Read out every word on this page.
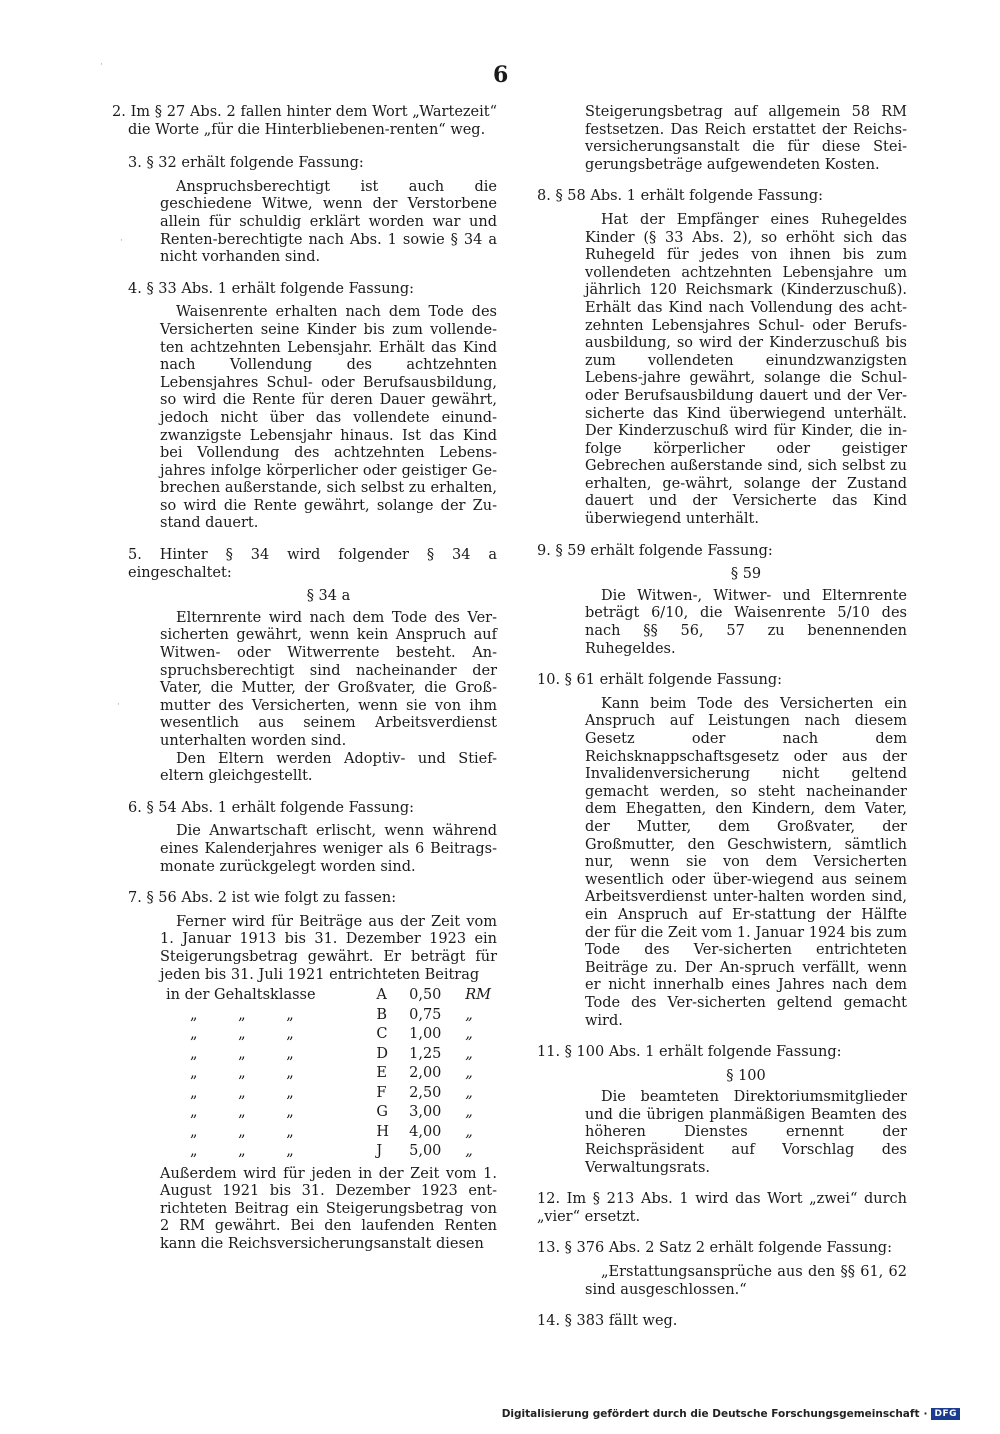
6

2. Im § 27 Abs. 2 fallen hinter dem Wort „Wartezeit“ die Worte „für die Hinterbliebenen-renten“ weg.

3. § 32 erhält folgende Fassung:

Anspruchsberechtigt ist auch die geschiedene Witwe, wenn der Verstorbene allein für schuldig erklärt worden war und Renten-berechtigte nach Abs. 1 sowie § 34 a nicht vorhanden sind.

4. § 33 Abs. 1 erhält folgende Fassung:

Waisenrente erhalten nach dem Tode des Versicherten seine Kinder bis zum vollende-ten achtzehnten Lebensjahr. Erhält das Kind nach Vollendung des achtzehnten Lebensjahres Schul- oder Berufsausbildung, so wird die Rente für deren Dauer gewährt, jedoch nicht über das vollendete einund-zwanzigste Lebensjahr hinaus. Ist das Kind bei Vollendung des achtzehnten Lebens-jahres infolge körperlicher oder geistiger Ge-brechen außerstande, sich selbst zu erhalten, so wird die Rente gewährt, solange der Zu-stand dauert.

5. Hinter § 34 wird folgender § 34 a eingeschaltet:

§ 34 a

Elternrente wird nach dem Tode des Ver-sicherten gewährt, wenn kein Anspruch auf Witwen- oder Witwerrente besteht. An-spruchsberechtigt sind nacheinander der Vater, die Mutter, der Großvater, die Groß-mutter des Versicherten, wenn sie von ihm wesentlich aus seinem Arbeitsverdienst unterhalten worden sind.

Den Eltern werden Adoptiv- und Stief-eltern gleichgestellt.

6. § 54 Abs. 1 erhält folgende Fassung:

Die Anwartschaft erlischt, wenn während eines Kalenderjahres weniger als 6 Beitrags-monate zurückgelegt worden sind.

7. § 56 Abs. 2 ist wie folgt zu fassen:

Ferner wird für Beiträge aus der Zeit vom 1. Januar 1913 bis 31. Dezember 1923 ein Steigerungsbetrag gewährt. Er beträgt für jeden bis 31. Juli 1921 entrichteten Beitrag

in der Gehaltsklasse	A	0,50	RM
„ „ „	B	0,75	„
„ „ „	C	1,00	„
„ „ „	D	1,25	„
„ „ „	E	2,00	„
„ „ „	F	2,50	„
„ „ „	G	3,00	„
„ „ „	H	4,00	„
„ „ „	J	5,00	„

Außerdem wird für jeden in der Zeit vom 1. August 1921 bis 31. Dezember 1923 ent-richteten Beitrag ein Steigerungsbetrag von 2 RM gewährt. Bei den laufenden Renten kann die Reichsversicherungsanstalt diesen

Steigerungsbetrag auf allgemein 58 RM festsetzen. Das Reich erstattet der Reichs-versicherungsanstalt die für diese Stei-gerungsbeträge aufgewendeten Kosten.

8. § 58 Abs. 1 erhält folgende Fassung:

Hat der Empfänger eines Ruhegeldes Kinder (§ 33 Abs. 2), so erhöht sich das Ruhegeld für jedes von ihnen bis zum vollendeten achtzehnten Lebensjahre um jährlich 120 Reichsmark (Kinderzuschuß). Erhält das Kind nach Vollendung des acht-zehnten Lebensjahres Schul- oder Berufs-ausbildung, so wird der Kinderzuschuß bis zum vollendeten einundzwanzigsten Lebens-jahre gewährt, solange die Schul- oder Berufsausbildung dauert und der Ver-sicherte das Kind überwiegend unterhält. Der Kinderzuschuß wird für Kinder, die in-folge körperlicher oder geistiger Gebrechen außerstande sind, sich selbst zu erhalten, ge-währt, solange der Zustand dauert und der Versicherte das Kind überwiegend unterhält.

9. § 59 erhält folgende Fassung:

§ 59

Die Witwen-, Witwer- und Elternrente beträgt 6/10, die Waisenrente 5/10 des nach §§ 56, 57 zu benennenden Ruhegeldes.

10. § 61 erhält folgende Fassung:

Kann beim Tode des Versicherten ein Anspruch auf Leistungen nach diesem Gesetz oder nach dem Reichsknappschaftsgesetz oder aus der Invalidenversicherung nicht geltend gemacht werden, so steht nacheinander dem Ehegatten, den Kindern, dem Vater, der Mutter, dem Großvater, der Großmutter, den Geschwistern, sämtlich nur, wenn sie von dem Versicherten wesentlich oder über-wiegend aus seinem Arbeitsverdienst unter-halten worden sind, ein Anspruch auf Er-stattung der Hälfte der für die Zeit vom 1. Januar 1924 bis zum Tode des Ver-sicherten entrichteten Beiträge zu. Der An-spruch verfällt, wenn er nicht innerhalb eines Jahres nach dem Tode des Ver-sicherten geltend gemacht wird.

11. § 100 Abs. 1 erhält folgende Fassung:

§ 100

Die beamteten Direktoriumsmitglieder und die übrigen planmäßigen Beamten des höheren Dienstes ernennt der Reichspräsident auf Vorschlag des Verwaltungsrats.

12. Im § 213 Abs. 1 wird das Wort „zwei“ durch „vier“ ersetzt.

13. § 376 Abs. 2 Satz 2 erhält folgende Fassung:

„Erstattungsansprüche aus den §§ 61, 62 sind ausgeschlossen.“

14. § 383 fällt weg.

Digitalisierung gefördert durch die Deutsche Forschungsgemeinschaft · DFG
·
·
·
